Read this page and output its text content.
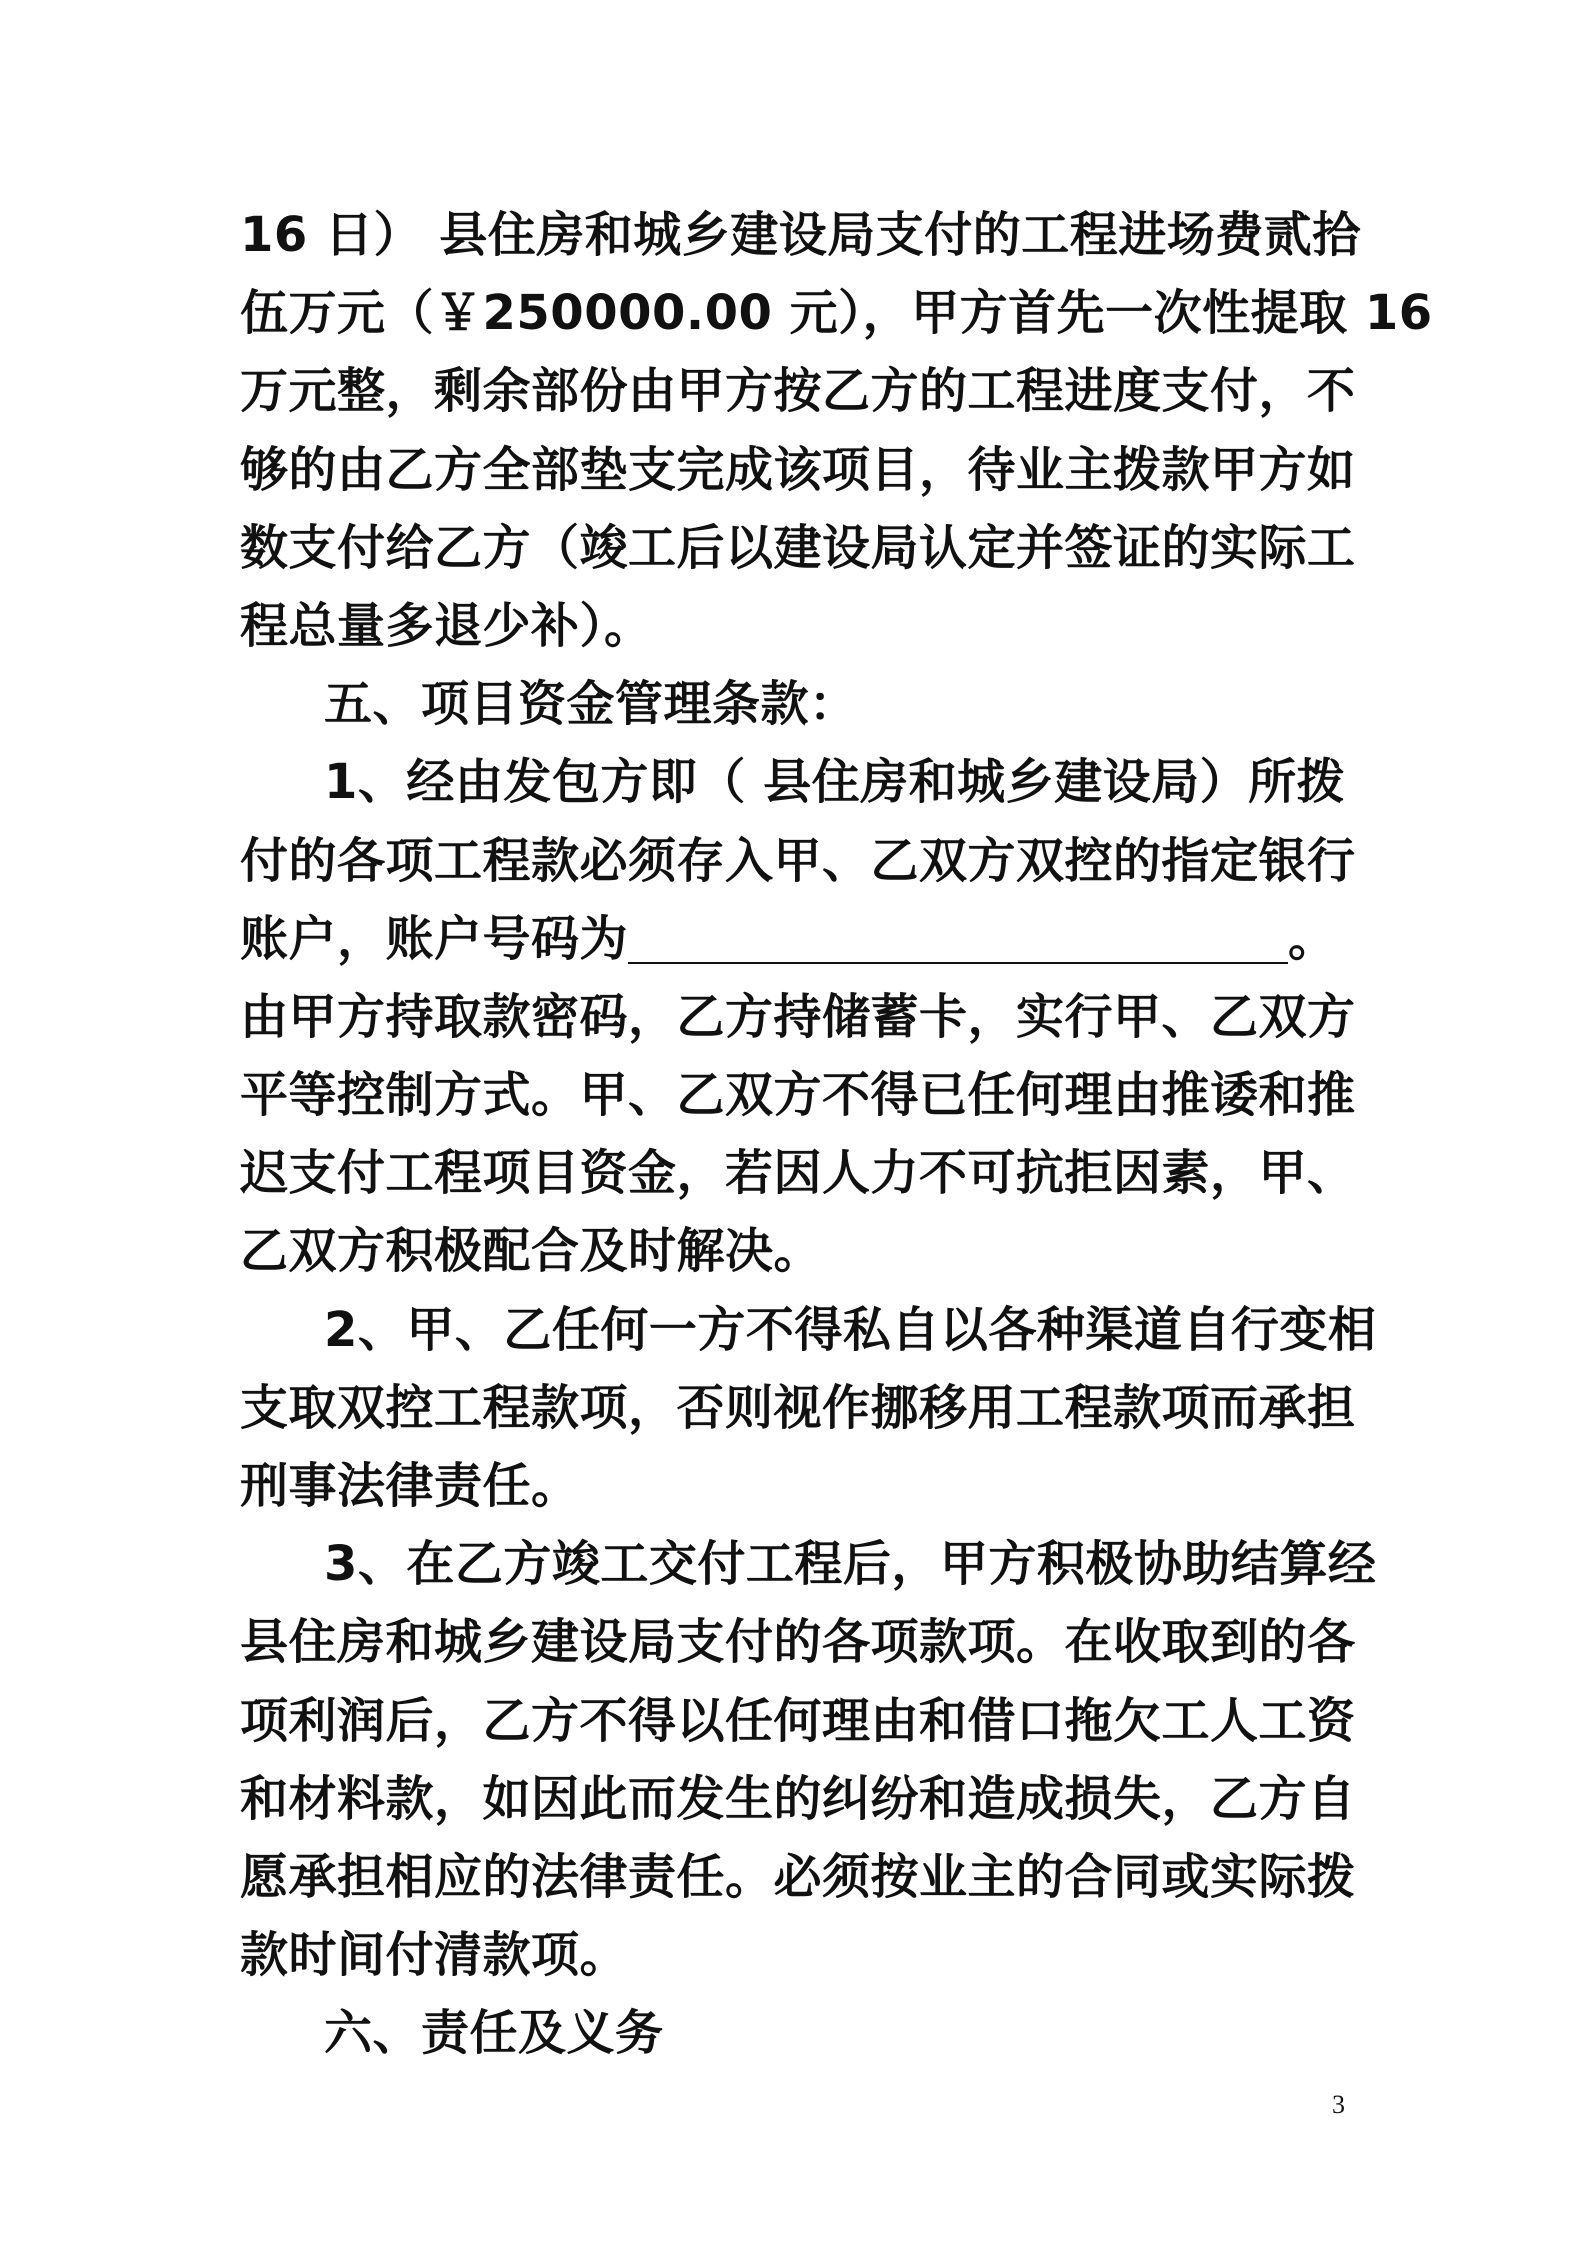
16 日） 县住房和城乡建设局支付的工程进场费贰拾
伍万元（￥250000.00 元），甲方首先一次性提取 16
万元整，剩余部份由甲方按乙方的工程进度支付，不
够的由乙方全部垫支完成该项目，待业主拨款甲方如
数支付给乙方（竣工后以建设局认定并签证的实际工
程总量多退少补）。
五、项目资金管理条款：
1、经由发包方即（ 县住房和城乡建设局）所拨
付的各项工程款必须存入甲、乙双方双控的指定银行
账户，账户号码为	。
由甲方持取款密码，乙方持储蓄卡，实行甲、乙双方
平等控制方式。甲、乙双方不得已任何理由推诿和推
迟支付工程项目资金，若因人力不可抗拒因素，甲、
乙双方积极配合及时解决。
2、甲、乙任何一方不得私自以各种渠道自行变相
支取双控工程款项，否则视作挪移用工程款项而承担
刑事法律责任。
3、在乙方竣工交付工程后，甲方积极协助结算经
县住房和城乡建设局支付的各项款项。在收取到的各
项利润后，乙方不得以任何理由和借口拖欠工人工资
和材料款，如因此而发生的纠纷和造成损失，乙方自
愿承担相应的法律责任。必须按业主的合同或实际拨
款时间付清款项。
六、责任及义务
3
